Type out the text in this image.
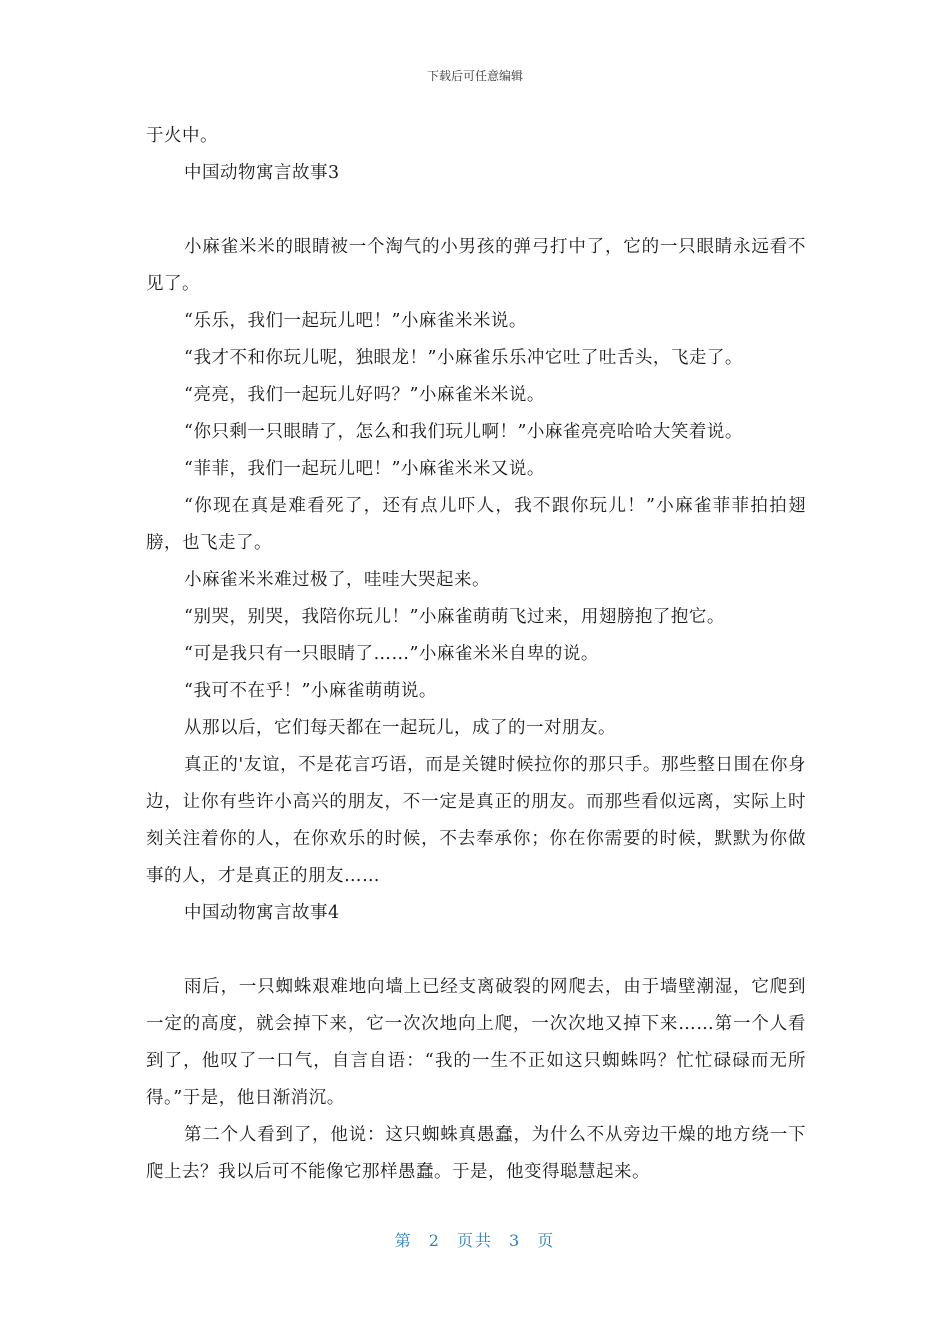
下载后可任意编辑

于火中。

中国动物寓言故事3

小麻雀米米的眼睛被一个淘气的小男孩的弹弓打中了，它的一只眼睛永远看不见了。

“乐乐，我们一起玩儿吧！”小麻雀米米说。

“我才不和你玩儿呢，独眼龙！”小麻雀乐乐冲它吐了吐舌头，飞走了。

“亮亮，我们一起玩儿好吗？”小麻雀米米说。

“你只剩一只眼睛了，怎么和我们玩儿啊！”小麻雀亮亮哈哈大笑着说。

“菲菲，我们一起玩儿吧！”小麻雀米米又说。

“你现在真是难看死了，还有点儿吓人，我不跟你玩儿！”小麻雀菲菲拍拍翅膀，也飞走了。

小麻雀米米难过极了，哇哇大哭起来。

“别哭，别哭，我陪你玩儿！”小麻雀萌萌飞过来，用翅膀抱了抱它。

“可是我只有一只眼睛了……”小麻雀米米自卑的说。

“我可不在乎！”小麻雀萌萌说。

从那以后，它们每天都在一起玩儿，成了的一对朋友。

真正的'友谊，不是花言巧语，而是关键时候拉你的那只手。那些整日围在你身边，让你有些许小高兴的朋友，不一定是真正的朋友。而那些看似远离，实际上时刻关注着你的人，在你欢乐的时候，不去奉承你；你在你需要的时候，默默为你做事的人，才是真正的朋友……

中国动物寓言故事4

雨后，一只蜘蛛艰难地向墙上已经支离破裂的网爬去，由于墙壁潮湿，它爬到一定的高度，就会掉下来，它一次次地向上爬，一次次地又掉下来……第一个人看到了，他叹了一口气，自言自语：“我的一生不正如这只蜘蛛吗？忙忙碌碌而无所得。”于是，他日渐消沉。

第二个人看到了，他说：这只蜘蛛真愚蠢，为什么不从旁边干燥的地方绕一下爬上去？我以后可不能像它那样愚蠢。于是，他变得聪慧起来。

第 2 页共 3 页
